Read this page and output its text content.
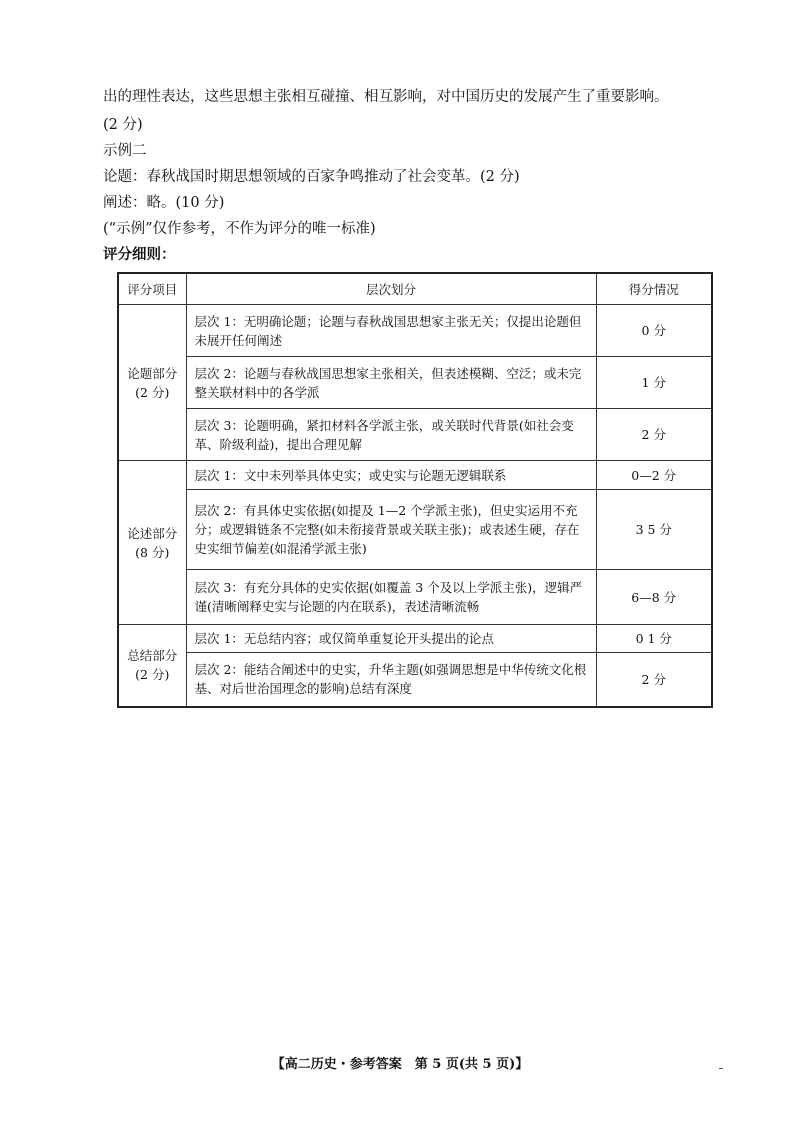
出的理性表达，这些思想主张相互碰撞、相互影响，对中国历史的发展产生了重要影响。
(2 分)
示例二
论题：春秋战国时期思想领域的百家争鸣推动了社会变革。(2 分)
阐述：略。(10 分)
(“示例”仅作参考，不作为评分的唯一标准)
评分细则：
评分项目	层次划分	得分情况

论题部分
(2 分)	层次 1：无明确论题；论题与春秋战国思想家主张无关；仅提出论题但未展开任何阐述	0 分
	层次 2：论题与春秋战国思想家主张相关，但表述模糊、空泛；或未完整关联材料中的各学派	1 分
	层次 3：论题明确，紧扣材料各学派主张，或关联时代背景(如社会变革、阶级利益)，提出合理见解	2 分

论述部分
(8 分)	层次 1：文中未列举具体史实；或史实与论题无逻辑联系	0—2 分
	层次 2：有具体史实依据(如提及 1—2 个学派主张)，但史实运用不充分；或逻辑链条不完整(如未衔接背景或关联主张)；或表述生硬，存在史实细节偏差(如混淆学派主张)	3 5 分
	层次 3：有充分具体的史实依据(如覆盖 3 个及以上学派主张)，逻辑严谨(清晰阐释史实与论题的内在联系)，表述清晰流畅	6—8 分

总结部分
(2 分)	层次 1：无总结内容；或仅简单重复论开头提出的论点	0 1 分
	层次 2：能结合阐述中的史实，升华主题(如强调思想是中华传统文化根基、对后世治国理念的影响)总结有深度	2 分
【高二历史・参考答案　第 5 页(共 5 页)】
